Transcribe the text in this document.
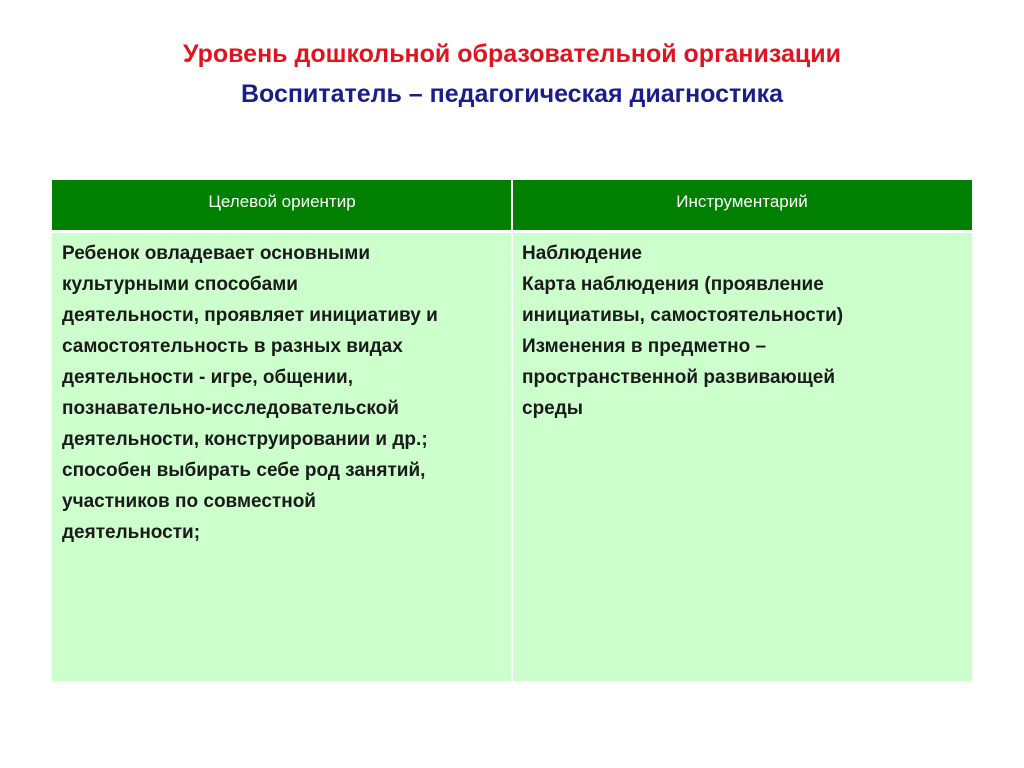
Уровень дошкольной образовательной организации
Воспитатель – педагогическая диагностика
Целевой ориентир	Инструментарий
Ребенок овладевает основными
культурными способами
деятельности, проявляет инициативу и
самостоятельность в разных видах
деятельности - игре, общении,
познавательно-исследовательской
деятельности, конструировании и др.;
способен выбирать себе род занятий,
участников по совместной
деятельности;
Наблюдение
Карта наблюдения (проявление
инициативы, самостоятельности)
Изменения в предметно –
пространственной развивающей
среды
